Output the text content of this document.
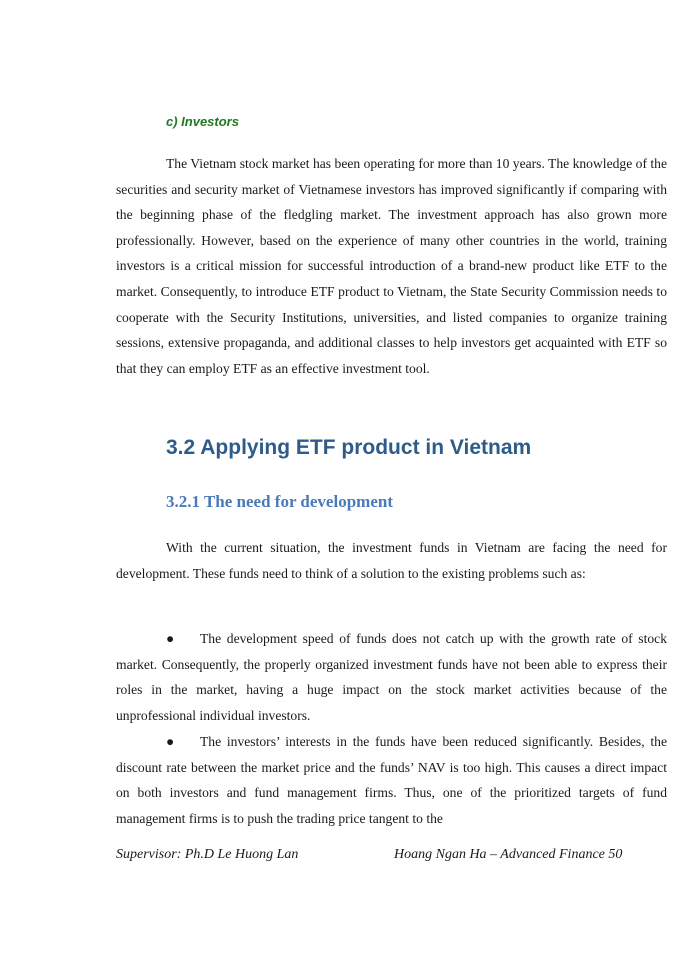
c) Investors

The Vietnam stock market has been operating for more than 10 years. The knowledge of the securities and security market of Vietnamese investors has improved significantly if comparing with the beginning phase of the fledgling market. The investment approach has also grown more professionally. However, based on the experience of many other countries in the world, training investors is a critical mission for successful introduction of a brand-new product like ETF to the market. Consequently, to introduce ETF product to Vietnam, the State Security Commission needs to cooperate with the Security Institutions, universities, and listed companies to organize training sessions, extensive propaganda, and additional classes to help investors get acquainted with ETF so that they can employ ETF as an effective investment tool.

3.2 Applying ETF product in Vietnam
3.2.1 The need for development

With the current situation, the investment funds in Vietnam are facing the need for development. These funds need to think of a solution to the existing problems such as:

● The development speed of funds does not catch up with the growth rate of stock market. Consequently, the properly organized investment funds have not been able to express their roles in the market, having a huge impact on the stock market activities because of the unprofessional individual investors.

● The investors’ interests in the funds have been reduced significantly. Besides, the discount rate between the market price and the funds’ NAV is too high. This causes a direct impact on both investors and fund management firms. Thus, one of the prioritized targets of fund management firms is to push the trading price tangent to the

Supervisor: Ph.D Le Huong Lan	Hoang Ngan Ha – Advanced Finance 50
